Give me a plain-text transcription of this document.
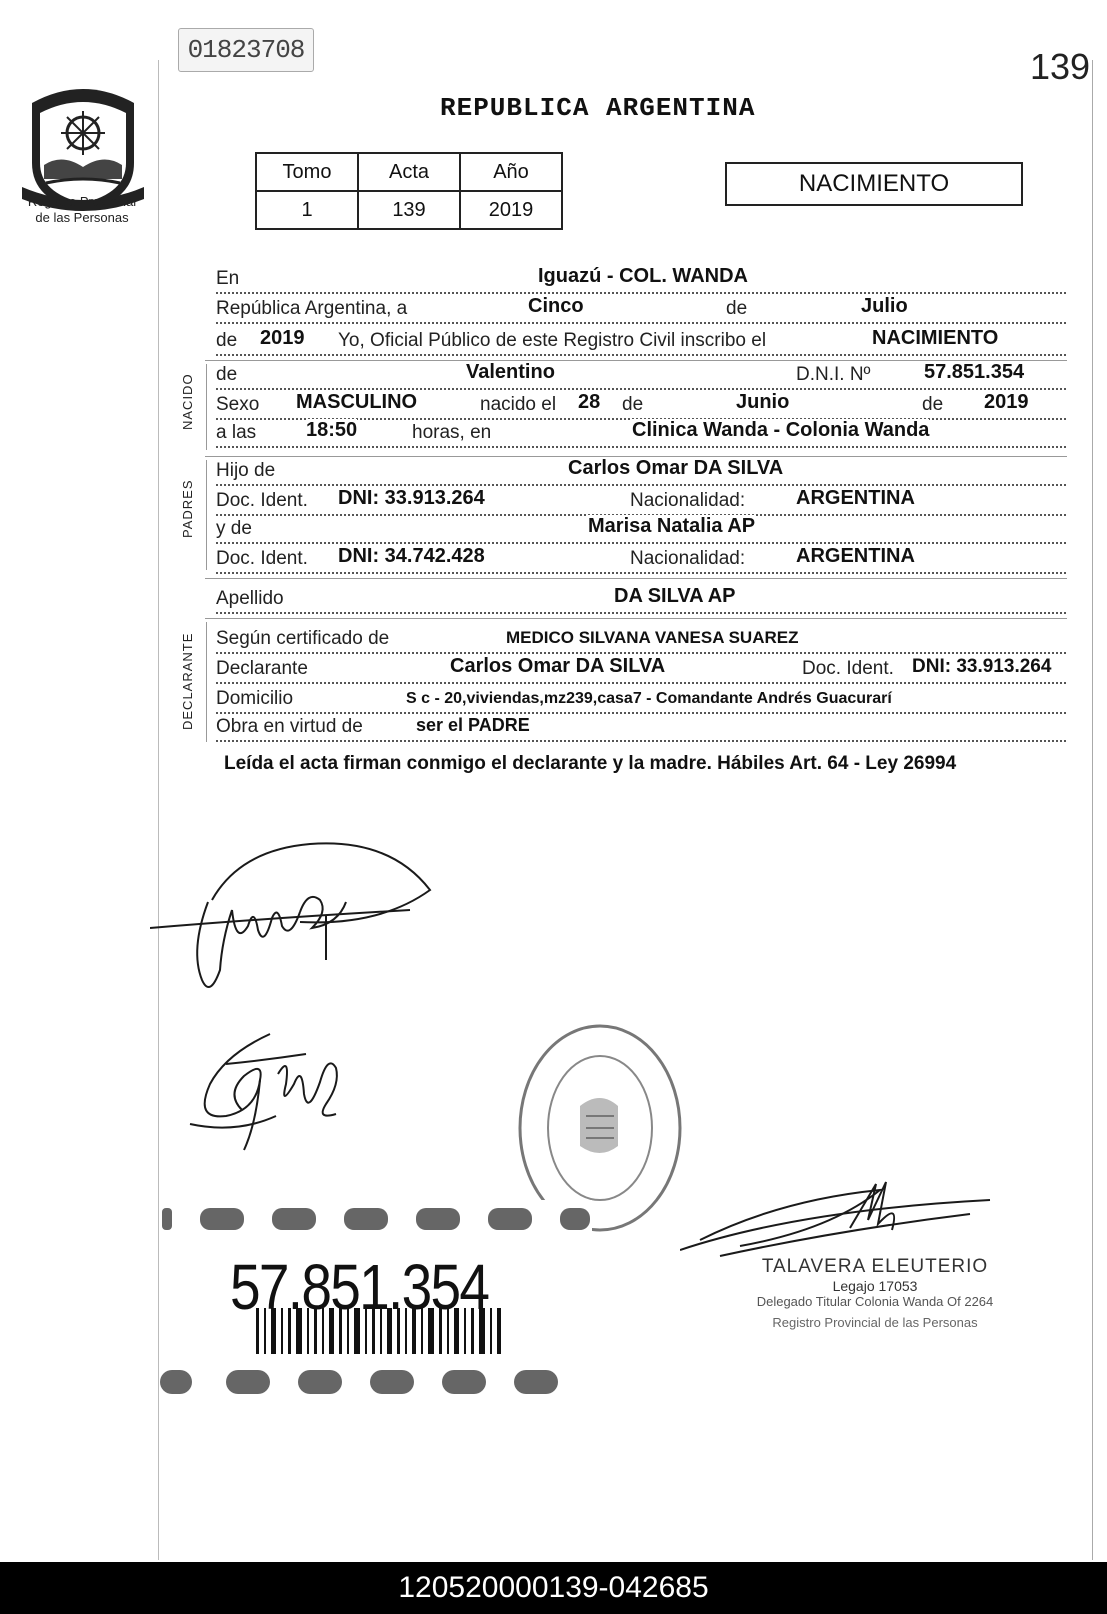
01823708	139
Registro Provincial
de las Personas
REPUBLICA ARGENTINA
Tomo	Acta	Año
1	139	2019
NACIMIENTO
En	Iguazú - COL. WANDA
República Argentina, a	Cinco	de	Julio
de 2019 Yo, Oficial Público de este Registro Civil inscribo el	NACIMIENTO
NACIDO de	Valentino	D.N.I. Nº	57.851.354
Sexo MASCULINO	nacido el 28 de	Junio	de 2019
a las 18:50	horas, en	Clinica Wanda - Colonia Wanda
PADRES
Hijo de	Carlos Omar DA SILVA
Doc. Ident. DNI: 33.913.264	Nacionalidad:	ARGENTINA
y de	Marisa Natalia AP
Doc. Ident. DNI: 34.742.428	Nacionalidad:	ARGENTINA
Apellido	DA SILVA AP
DECLARANTE Según certificado de	MEDICO SILVANA VANESA SUAREZ
Declarante	Carlos Omar DA SILVA	Doc. Ident. DNI: 33.913.264
Domicilio	S c - 20,viviendas,mz239,casa7 - Comandante Andrés Guacurarí
Obra en virtud de	ser el PADRE
Leída el acta firman conmigo el declarante y la madre. Hábiles Art. 64 - Ley 26994
57.851.354	TALAVERA ELEUTERIO
Legajo 17053
Delegado Titular Colonia Wanda Of 2264
Registro Provincial de las Personas
120520000139-042685
